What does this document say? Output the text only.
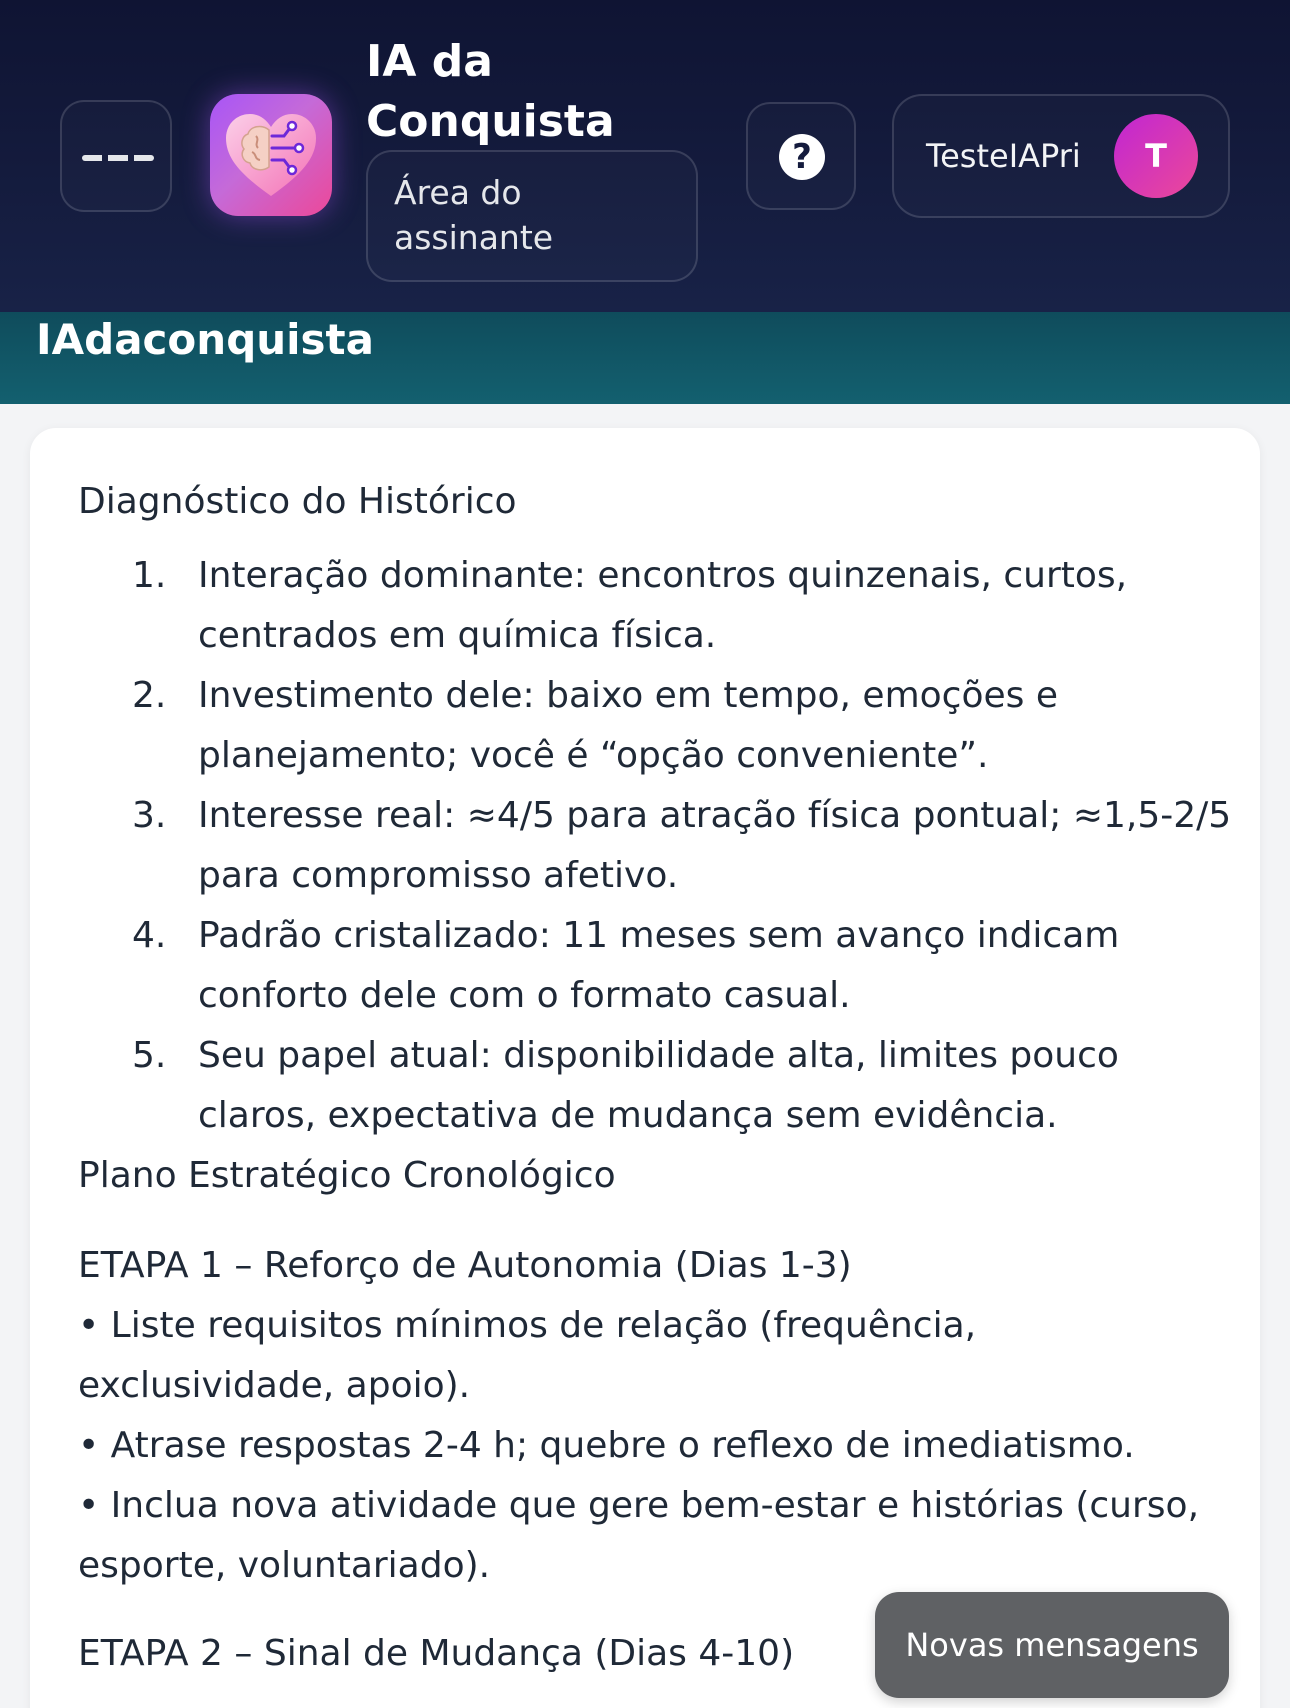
IA da Conquista
Área do assinante
?	TesteIAPri	T
IAdaconquista
Diagnóstico do Histórico
1. Interação dominante: encontros quinzenais, curtos, centrados em química física.
2. Investimento dele: baixo em tempo, emoções e planejamento; você é “opção conveniente”.
3. Interesse real: ≈4/5 para atração física pontual; ≈1,5-2/5 para compromisso afetivo.
4. Padrão cristalizado: 11 meses sem avanço indicam conforto dele com o formato casual.
5. Seu papel atual: disponibilidade alta, limites pouco claros, expectativa de mudança sem evidência.
Plano Estratégico Cronológico
ETAPA 1 – Reforço de Autonomia (Dias 1-3)

• Liste requisitos mínimos de relação (frequência, exclusividade, apoio).

• Atrase respostas 2-4 h; quebre o reflexo de imediatismo.

• Inclua nova atividade que gere bem-estar e histórias (curso, esporte, voluntariado).

ETAPA 2 – Sinal de Mudança (Dias 4-10)	Novas mensagens
